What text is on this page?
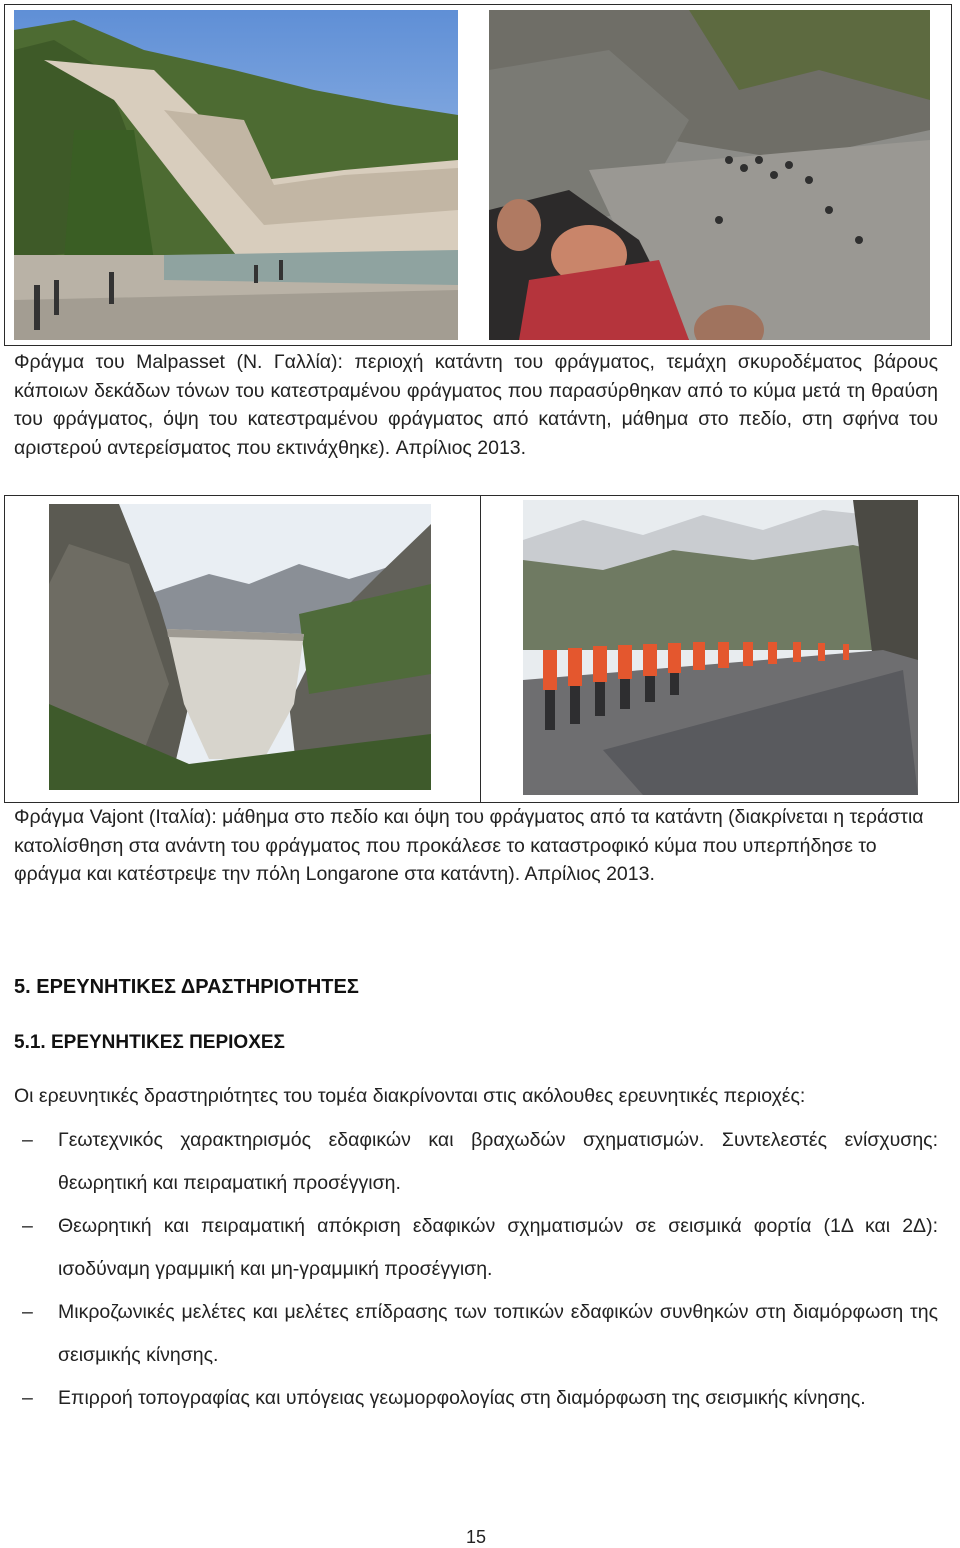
Φράγμα του Malpasset (Ν. Γαλλία): περιοχή κατάντη του φράγματος, τεμάχη σκυροδέματος βάρους κάποιων δεκάδων τόνων του κατεστραμένου φράγματος που παρασύρθηκαν από το κύμα μετά τη θραύση του φράγματος, όψη του κατεστραμένου φράγματος από κατάντη, μάθημα στο πεδίο, στη σφήνα του αριστερού αντερείσματος που εκτινάχθηκε). Απρίλιος 2013.
Φράγμα Vajont (Ιταλία): μάθημα στο πεδίο και όψη του φράγματος από τα κατάντη (διακρίνεται η τεράστια κατολίσθηση στα ανάντη του φράγματος που προκάλεσε το καταστροφικό κύμα που υπερπήδησε το φράγμα και κατέστρεψε την πόλη Longarone στα κατάντη). Απρίλιος 2013.
5. ΕΡΕΥΝΗΤΙΚΕΣ ΔΡΑΣΤΗΡΙΟΤΗΤΕΣ
5.1. ΕΡΕΥΝΗΤΙΚΕΣ ΠΕΡΙΟΧΕΣ
Οι ερευνητικές δραστηριότητες του τομέα διακρίνονται στις ακόλουθες ερευνητικές περιοχές:
– Γεωτεχνικός χαρακτηρισμός εδαφικών και βραχωδών σχηματισμών. Συντελεστές ενίσχυσης: θεωρητική και πειραματική προσέγγιση.
– Θεωρητική και πειραματική απόκριση εδαφικών σχηματισμών σε σεισμικά φορτία (1Δ και 2Δ): ισοδύναμη γραμμική και μη-γραμμική προσέγγιση.
– Μικροζωνικές μελέτες και μελέτες επίδρασης των τοπικών εδαφικών συνθηκών στη διαμόρφωση της σεισμικής κίνησης.
– Επιρροή τοπογραφίας και υπόγειας γεωμορφολογίας στη διαμόρφωση της σεισμικής κίνησης.
15
